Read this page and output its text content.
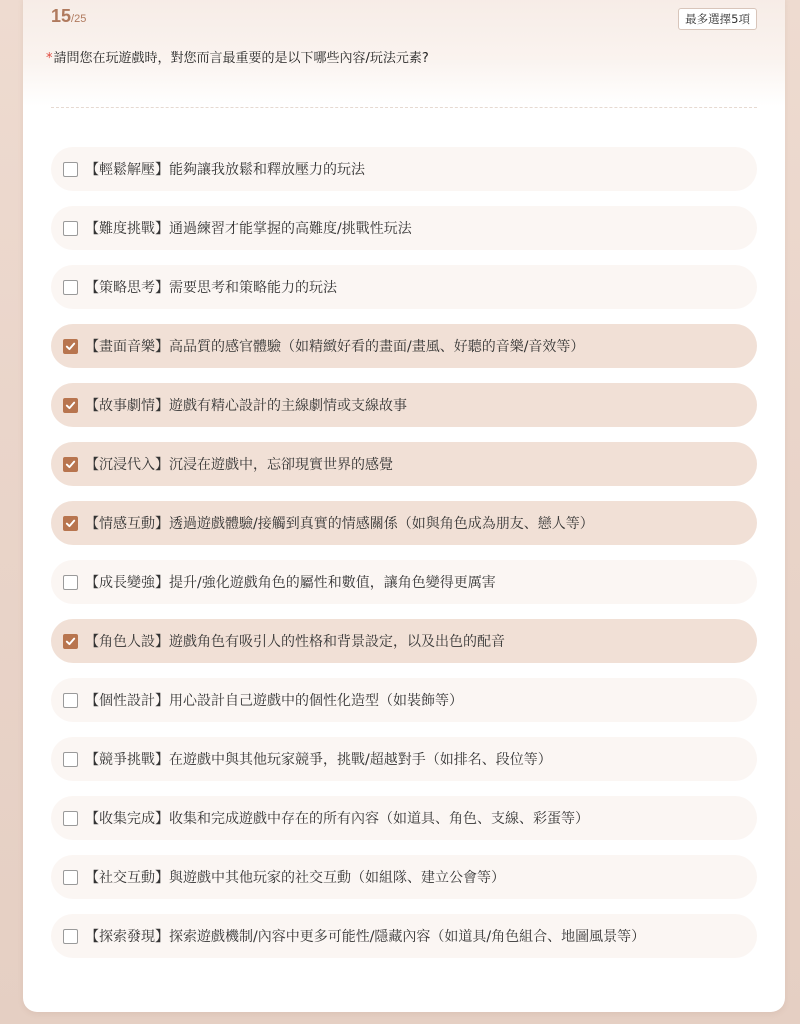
15/25	最多選擇5項
*請問您在玩遊戲時，對您而言最重要的是以下哪些內容/玩法元素?
【輕鬆解壓】能夠讓我放鬆和釋放壓力的玩法
【難度挑戰】通過練習才能掌握的高難度/挑戰性玩法
【策略思考】需要思考和策略能力的玩法
【畫面音樂】高品質的感官體驗（如精緻好看的畫面/畫風、好聽的音樂/音效等）
【故事劇情】遊戲有精心設計的主線劇情或支線故事
【沉浸代入】沉浸在遊戲中，忘卻現實世界的感覺
【情感互動】透過遊戲體驗/接觸到真實的情感關係（如與角色成為朋友、戀人等）
【成長變強】提升/強化遊戲角色的屬性和數值，讓角色變得更厲害
【角色人設】遊戲角色有吸引人的性格和背景設定，以及出色的配音
【個性設計】用心設計自己遊戲中的個性化造型（如裝飾等）
【競爭挑戰】在遊戲中與其他玩家競爭，挑戰/超越對手（如排名、段位等）
【收集完成】收集和完成遊戲中存在的所有內容（如道具、角色、支線、彩蛋等）
【社交互動】與遊戲中其他玩家的社交互動（如組隊、建立公會等）
【探索發現】探索遊戲機制/內容中更多可能性/隱藏內容（如道具/角色組合、地圖風景等）
